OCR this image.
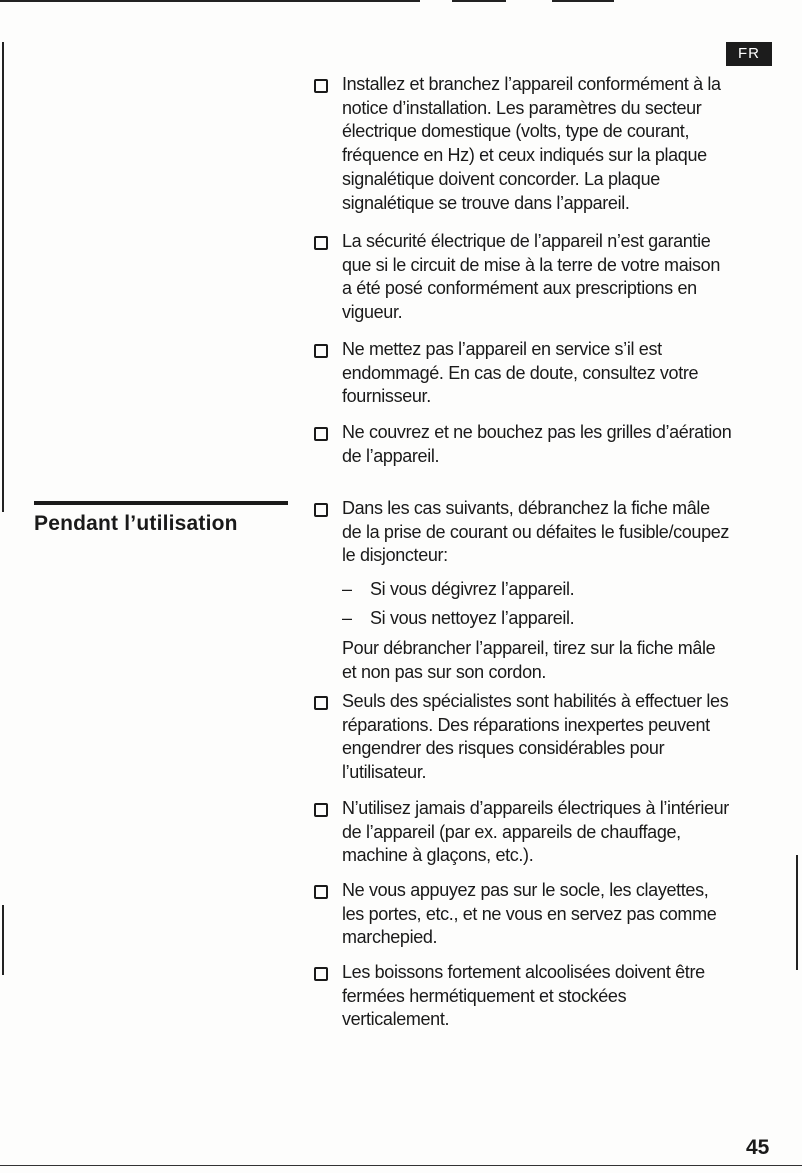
FR
Pendant l’utilisation
Installez et branchez l’appareil conformément à la
notice d’installation. Les paramètres du secteur
électrique domestique (volts, type de courant,
fréquence en Hz) et ceux indiqués sur la plaque
signalétique doivent concorder. La plaque
signalétique se trouve dans l’appareil.
La sécurité électrique de l’appareil n’est garantie
que si le circuit de mise à la terre de votre maison
a été posé conformément aux prescriptions en
vigueur.
Ne mettez pas l’appareil en service s’il est
endommagé. En cas de doute, consultez votre
fournisseur.
Ne couvrez et ne bouchez pas les grilles d’aération
de l’appareil.
Dans les cas suivants, débranchez la fiche mâle
de la prise de courant ou défaites le fusible/coupez
le disjoncteur:
– Si vous dégivrez l’appareil.
– Si vous nettoyez l’appareil.
Pour débrancher l’appareil, tirez sur la fiche mâle
et non pas sur son cordon.
Seuls des spécialistes sont habilités à effectuer les
réparations. Des réparations inexpertes peuvent
engendrer des risques considérables pour
l’utilisateur.
N’utilisez jamais d’appareils électriques à l’intérieur
de l’appareil (par ex. appareils de chauffage,
machine à glaçons, etc.).
Ne vous appuyez pas sur le socle, les clayettes,
les portes, etc., et ne vous en servez pas comme
marchepied.
Les boissons fortement alcoolisées doivent être
fermées hermétiquement et stockées
verticalement.
45
